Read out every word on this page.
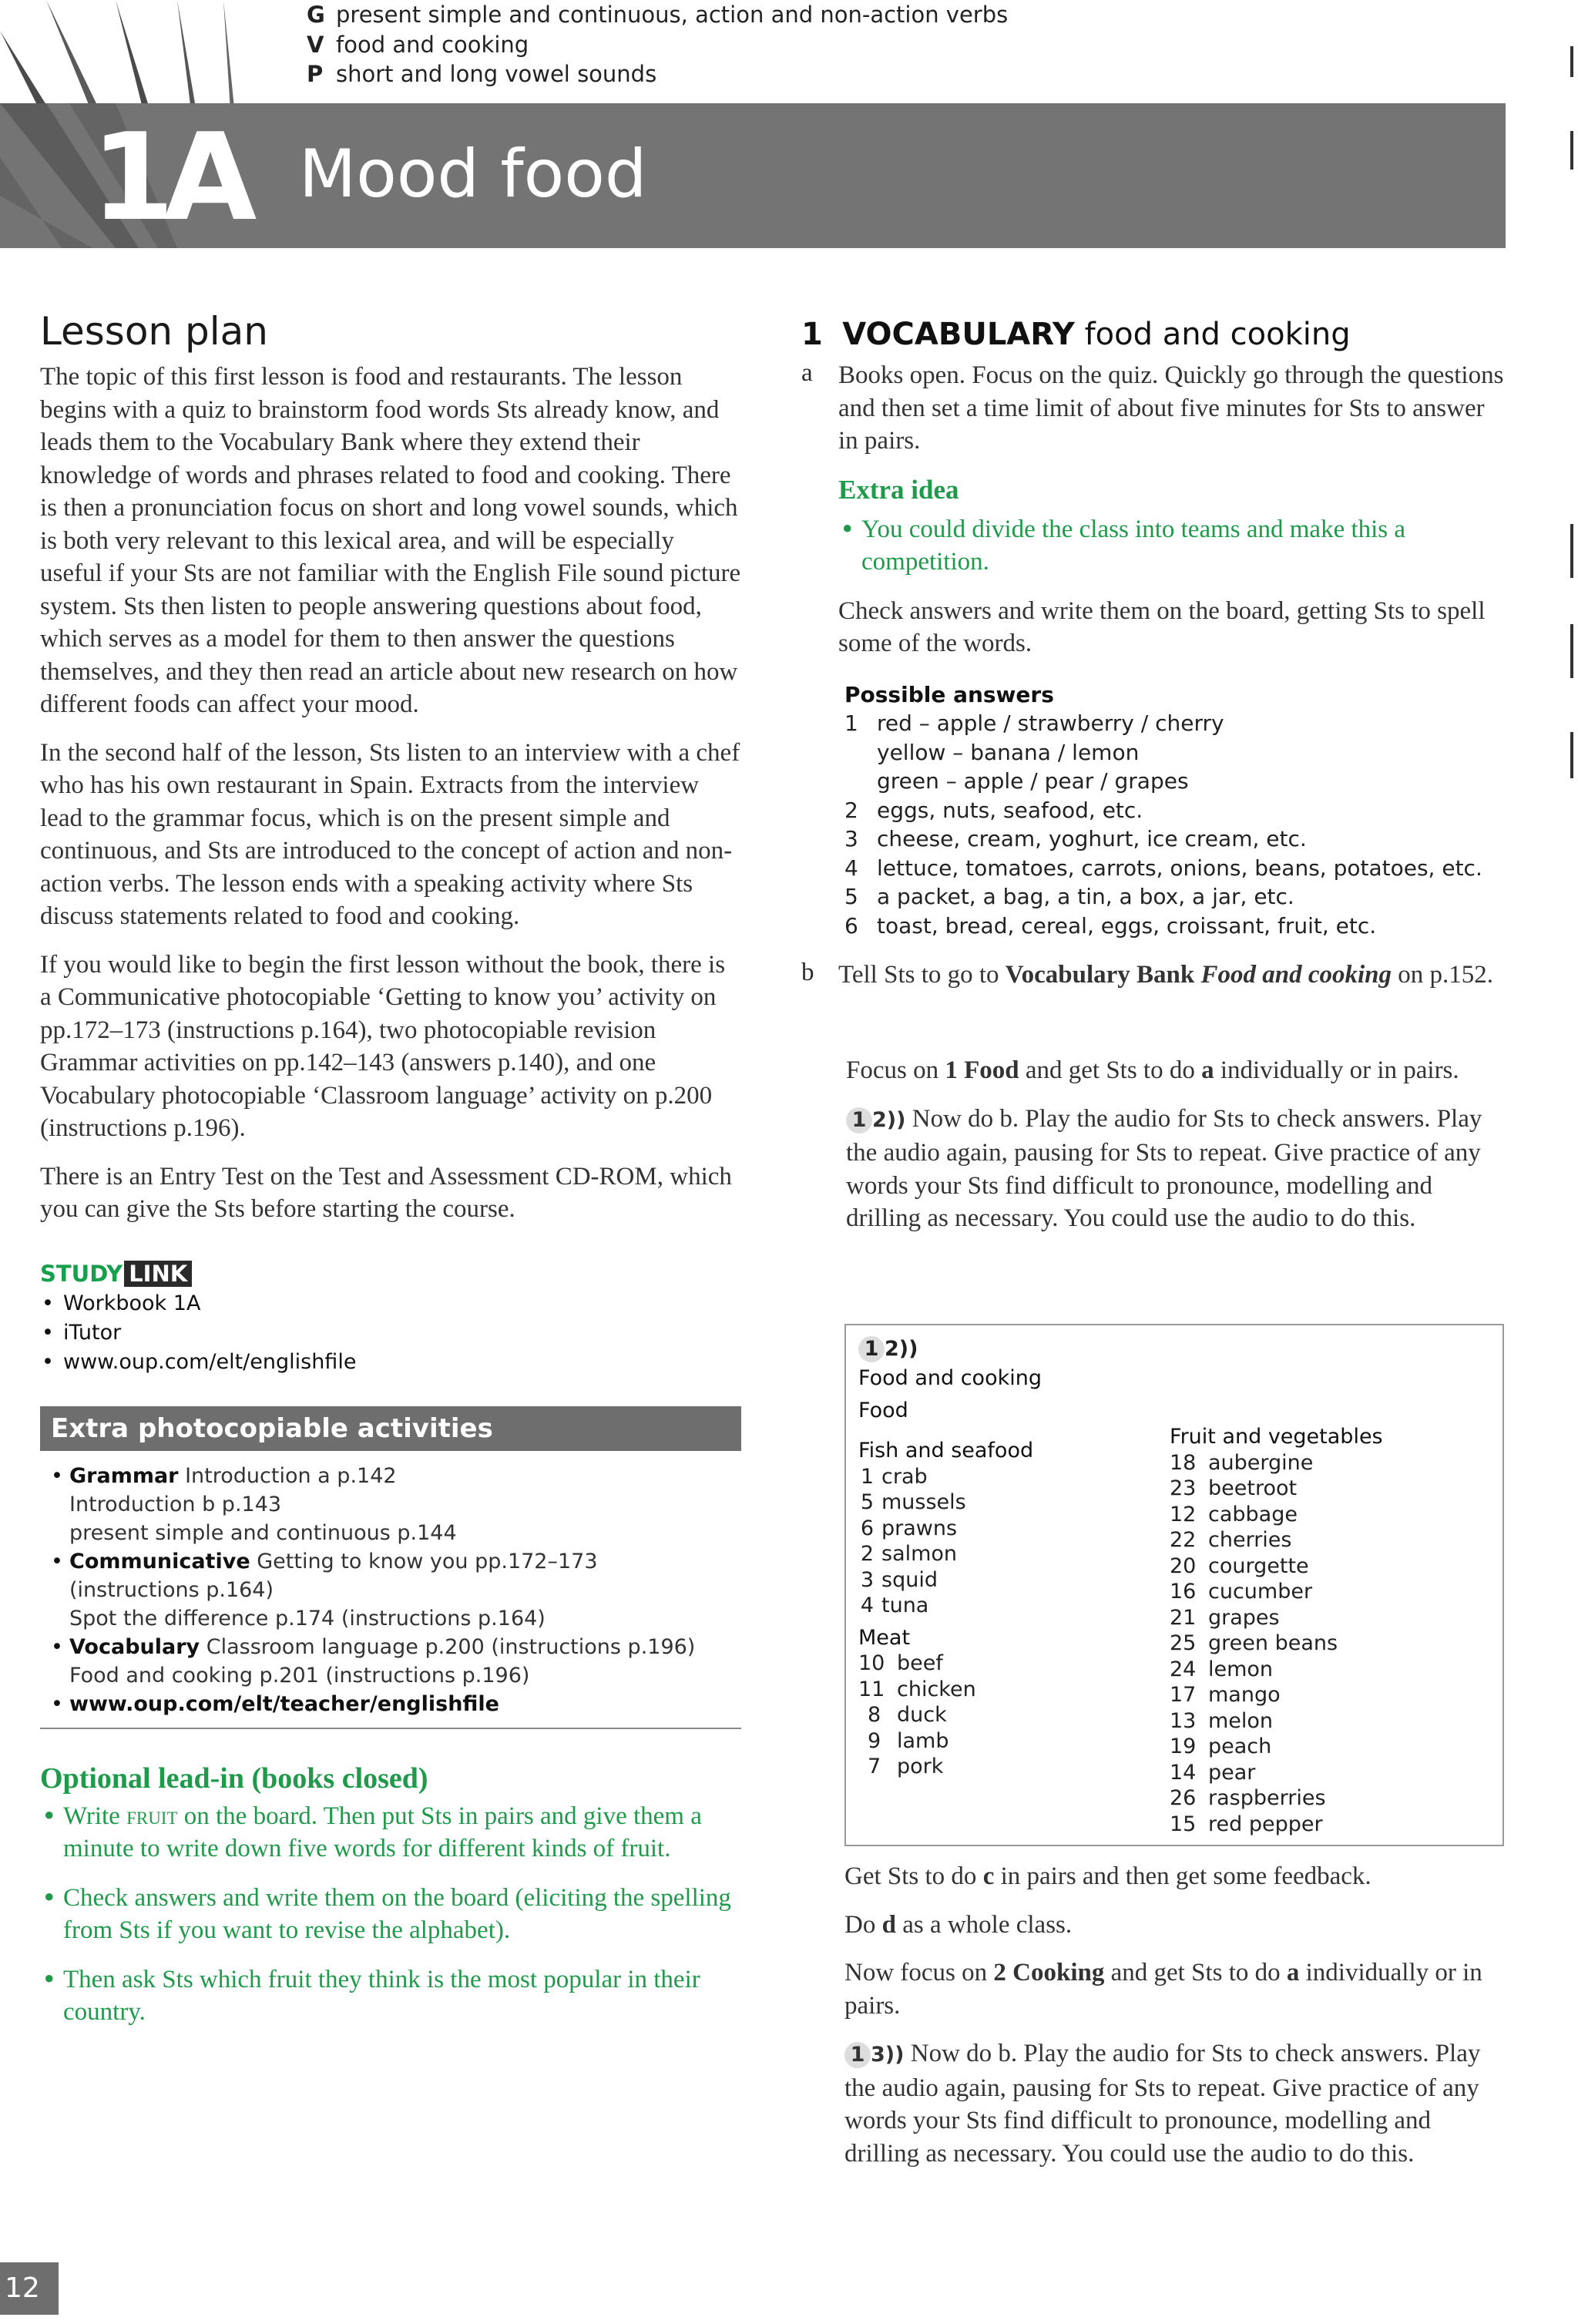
G present simple and continuous, action and non-action verbs
V food and cooking
P short and long vowel sounds
1A Mood food
Lesson plan
The topic of this first lesson is food and restaurants. The lesson begins with a quiz to brainstorm food words Sts already know, and leads them to the Vocabulary Bank where they extend their knowledge of words and phrases related to food and cooking. There is then a pronunciation focus on short and long vowel sounds, which is both very relevant to this lexical area, and will be especially useful if your Sts are not familiar with the English File sound picture system. Sts then listen to people answering questions about food, which serves as a model for them to then answer the questions themselves, and they then read an article about new research on how different foods can affect your mood.
In the second half of the lesson, Sts listen to an interview with a chef who has his own restaurant in Spain. Extracts from the interview lead to the grammar focus, which is on the present simple and continuous, and Sts are introduced to the concept of action and non-action verbs. The lesson ends with a speaking activity where Sts discuss statements related to food and cooking.
If you would like to begin the first lesson without the book, there is a Communicative photocopiable ‘Getting to know you’ activity on pp.172–173 (instructions p.164), two photocopiable revision Grammar activities on pp.142–143 (answers p.140), and one Vocabulary photocopiable ‘Classroom language’ activity on p.200 (instructions p.196).
There is an Entry Test on the Test and Assessment CD-ROM, which you can give the Sts before starting the course.
STUDY LINK
• Workbook 1A
• iTutor
• www.oup.com/elt/englishfile
Extra photocopiable activities
• Grammar Introduction a p.142
Introduction b p.143
present simple and continuous p.144
• Communicative Getting to know you pp.172–173
(instructions p.164)
Spot the difference p.174 (instructions p.164)
• Vocabulary Classroom language p.200 (instructions p.196)
Food and cooking p.201 (instructions p.196)
• www.oup.com/elt/teacher/englishfile
Optional lead-in (books closed)
• Write fruit on the board. Then put Sts in pairs and give them a minute to write down five words for different kinds of fruit.
• Check answers and write them on the board (eliciting the spelling from Sts if you want to revise the alphabet).
• Then ask Sts which fruit they think is the most popular in their country.
1 VOCABULARY food and cooking
a Books open. Focus on the quiz. Quickly go through the questions and then set a time limit of about five minutes for Sts to answer in pairs.
Extra idea
• You could divide the class into teams and make this a competition.
Check answers and write them on the board, getting Sts to spell some of the words.
Possible answers
1 red – apple / strawberry / cherry
yellow – banana / lemon
green – apple / pear / grapes
2 eggs, nuts, seafood, etc.
3 cheese, cream, yoghurt, ice cream, etc.
4 lettuce, tomatoes, carrots, onions, beans, potatoes, etc.
5 a packet, a bag, a tin, a box, a jar, etc.
6 toast, bread, cereal, eggs, croissant, fruit, etc.
b Tell Sts to go to Vocabulary Bank Food and cooking on p.152.
Focus on 1 Food and get Sts to do a individually or in pairs.
1 2)) Now do b. Play the audio for Sts to check answers. Play the audio again, pausing for Sts to repeat. Give practice of any words your Sts find difficult to pronounce, modelling and drilling as necessary. You could use the audio to do this.
1 2))
Food and cooking
Food
Fish and seafood
1 crab
5 mussels
6 prawns
2 salmon
3 squid
4 tuna
Meat
10 beef
11 chicken
8 duck
9 lamb
7 pork
Fruit and vegetables
18 aubergine
23 beetroot
12 cabbage
22 cherries
20 courgette
16 cucumber
21 grapes
25 green beans
24 lemon
17 mango
13 melon
19 peach
14 pear
26 raspberries
15 red pepper
Get Sts to do c in pairs and then get some feedback.
Do d as a whole class.
Now focus on 2 Cooking and get Sts to do a individually or in pairs.
1 3)) Now do b. Play the audio for Sts to check answers. Play the audio again, pausing for Sts to repeat. Give practice of any words your Sts find difficult to pronounce, modelling and drilling as necessary. You could use the audio to do this.
12
